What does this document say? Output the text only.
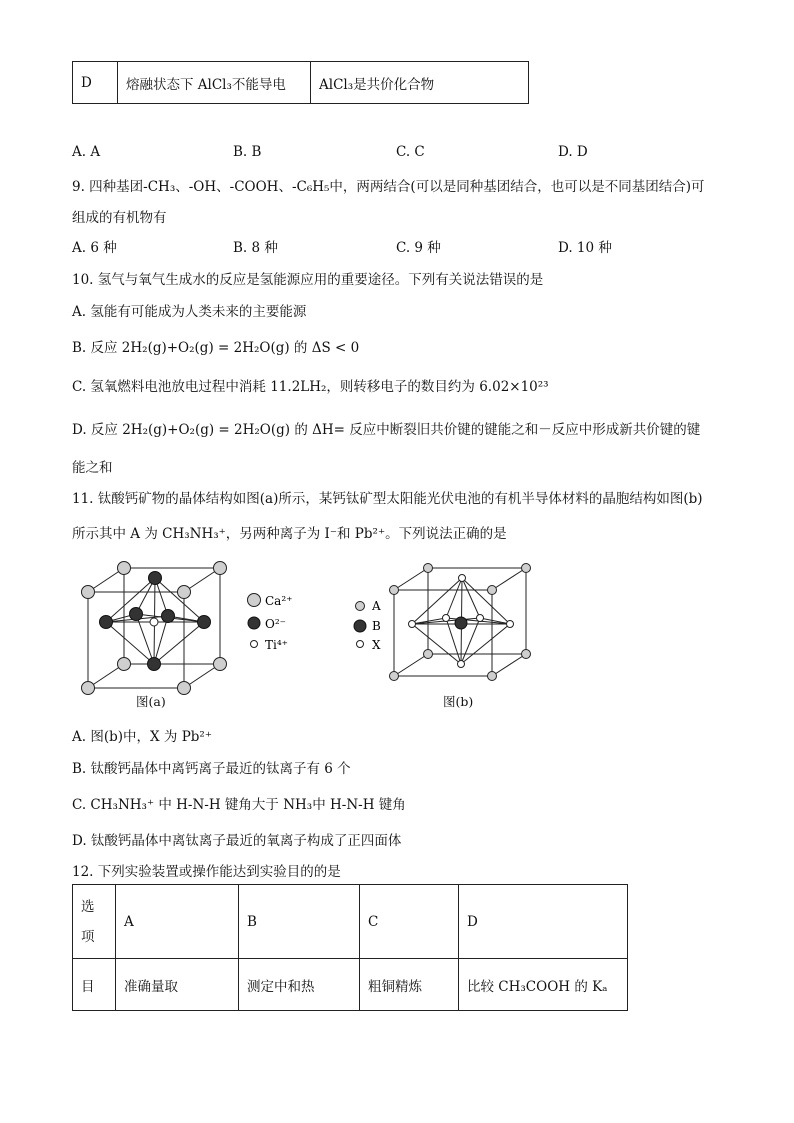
D	熔融状态下 AlCl₃不能导电	AlCl₃是共价化合物
A. A	B. B	C. C	D. D
9. 四种基团-CH₃、-OH、-COOH、-C₆H₅中，两两结合(可以是同种基团结合，也可以是不同基团结合)可
组成的有机物有
A. 6 种	B. 8 种	C. 9 种	D. 10 种
10. 氢气与氧气生成水的反应是氢能源应用的重要途径。下列有关说法错误的是
A. 氢能有可能成为人类未来的主要能源
B. 反应 2H₂(g)+O₂(g) = 2H₂O(g) 的 ΔS < 0
C. 氢氧燃料电池放电过程中消耗 11.2LH₂，则转移电子的数目约为 6.02×10²³
D. 反应 2H₂(g)+O₂(g) = 2H₂O(g) 的 ΔH= 反应中断裂旧共价键的键能之和－反应中形成新共价键的键
能之和
11. 钛酸钙矿物的晶体结构如图(a)所示，某钙钛矿型太阳能光伏电池的有机半导体材料的晶胞结构如图(b)
所示其中 A 为 CH₃NH₃⁺，另两种离子为 I⁻和 Pb²⁺。下列说法正确的是
Ca²⁺
O²⁻
Ti⁴⁺
图(a)
A
B
X
图(b)
A. 图(b)中，X 为 Pb²⁺
B. 钛酸钙晶体中离钙离子最近的钛离子有 6 个
C. CH₃NH₃⁺ 中 H-N-H 键角大于 NH₃中 H-N-H 键角
D. 钛酸钙晶体中离钛离子最近的氧离子构成了正四面体
12. 下列实验装置或操作能达到实验目的的是
选项	A	B	C	D
目	准确量取	测定中和热	粗铜精炼	比较 CH₃COOH 的 Kₐ
